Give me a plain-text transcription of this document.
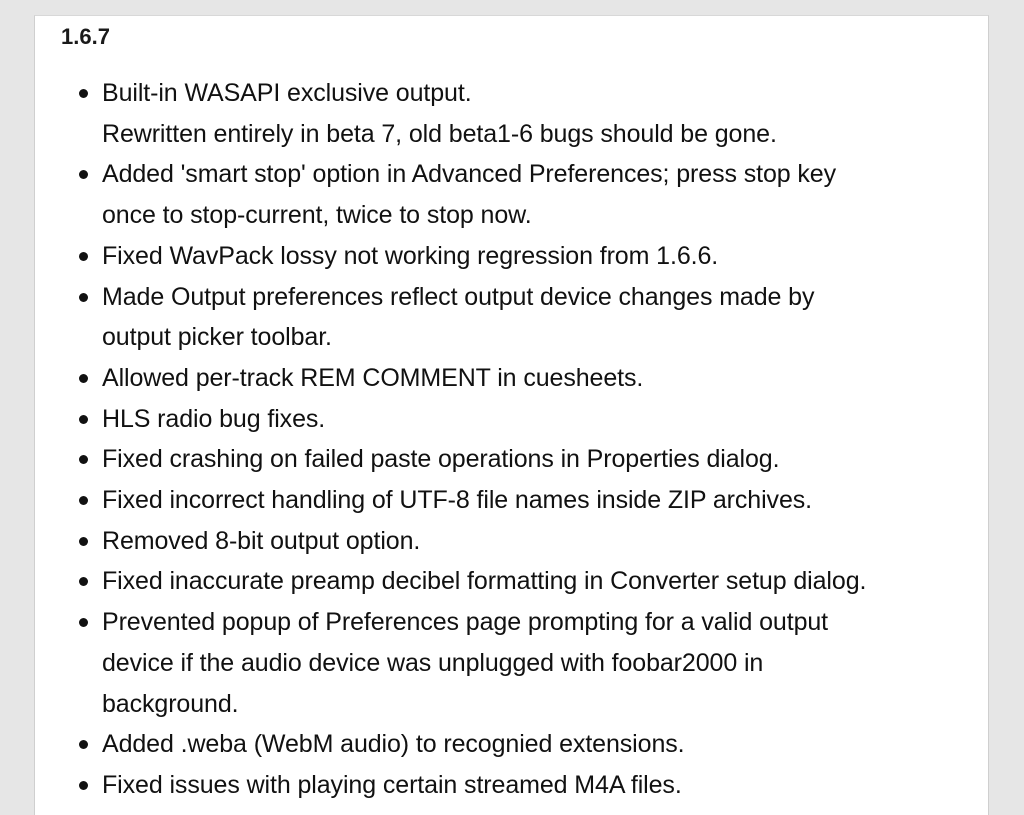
1.6.7
Built-in WASAPI exclusive output.
Rewritten entirely in beta 7, old beta1-6 bugs should be gone.
Added 'smart stop' option in Advanced Preferences; press stop key
once to stop-current, twice to stop now.
Fixed WavPack lossy not working regression from 1.6.6.
Made Output preferences reflect output device changes made by
output picker toolbar.
Allowed per-track REM COMMENT in cuesheets.
HLS radio bug fixes.
Fixed crashing on failed paste operations in Properties dialog.
Fixed incorrect handling of UTF-8 file names inside ZIP archives.
Removed 8-bit output option.
Fixed inaccurate preamp decibel formatting in Converter setup dialog.
Prevented popup of Preferences page prompting for a valid output
device if the audio device was unplugged with foobar2000 in
background.
Added .weba (WebM audio) to recognied extensions.
Fixed issues with playing certain streamed M4A files.
